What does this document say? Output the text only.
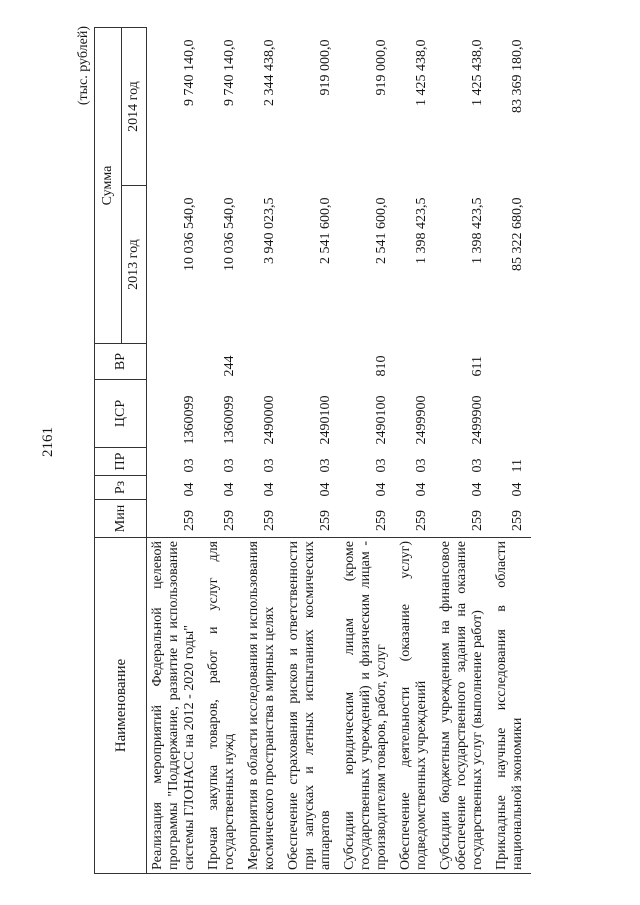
2161
(тыс. рублей)
Наименование	Мин	Рз	ПР	ЦСР	ВР	Сумма	
						2013 год	2014 год
Реализация мероприятий Федеральной целевой программы "Поддержание, развитие и использование системы ГЛОНАСС на 2012 - 2020 годы"	259	04	03	1360099		10 036 540,0	9 740 140,0
Прочая закупка товаров, работ и услуг для государственных нужд	259	04	03	1360099	244	10 036 540,0	9 740 140,0
Мероприятия в области исследования и использования космического пространства в мирных целях	259	04	03	2490000		3 940 023,5	2 344 438,0
Обеспечение страхования рисков и ответственности при запусках и летных испытаниях космических аппаратов	259	04	03	2490100		2 541 600,0	919 000,0
Субсидии юридическим лицам (кроме государственных учреждений) и физическим лицам - производителям товаров, работ, услуг	259	04	03	2490100	810	2 541 600,0	919 000,0
Обеспечение деятельности (оказание услуг) подведомственных учреждений	259	04	03	2499900		1 398 423,5	1 425 438,0
Субсидии бюджетным учреждениям на финансовое обеспечение государственного задания на оказание государственных услуг (выполнение работ)	259	04	03	2499900	611	1 398 423,5	1 425 438,0
Прикладные научные исследования в области национальной экономики	259	04	11			85 322 680,0	83 369 180,0
